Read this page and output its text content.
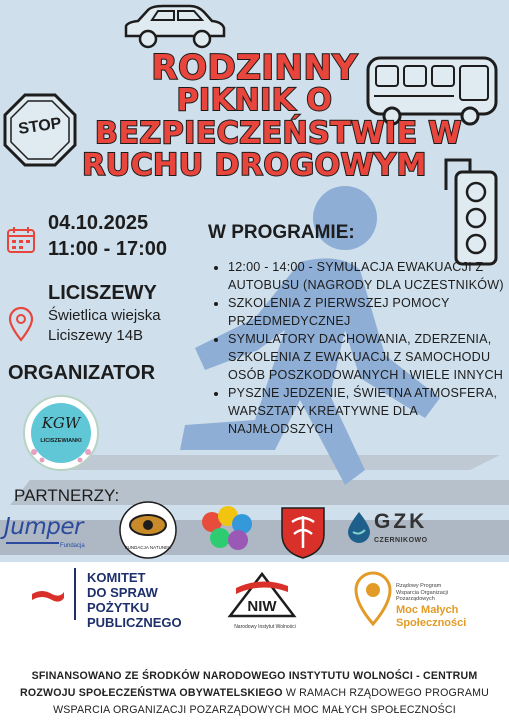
STOP
RODZINNY
PIKNIK O
BEZPIECZEŃSTWIE W
RUCHU DROGOWYM
04.10.2025
11:00 - 17:00
LICISZEWY
Świetlica wiejska
Liciszewy 14B
ORGANIZATOR
KGW
LICISZEWIANKI
W PROGRAMIE:
• 12:00 - 14:00 - SYMULACJA EWAKUACJI Z AUTOBUSU (NAGRODY DLA UCZESTNIKÓW)
• SZKOLENIA Z PIERWSZEJ POMOCY PRZEDMEDYCZNEJ
• SYMULATORY DACHOWANIA, ZDERZENIA, SZKOLENIA Z EWAKUACJI Z SAMOCHODU OSÓB POSZKODOWANYCH I WIELE INNYCH
• PYSZNE JEDZENIE, ŚWIETNA ATMOSFERA, WARSZTATY KREATYWNE DLA NAJMŁODSZYCH
PARTNERZY:
Jumper
Fundacja	FUNDACJA NATUNEK
GZK
CZERNIKOWO
KOMITET
DO SPRAW
POŻYTKU
PUBLICZNEGO
NIW
Narodowy Instytut Wolności
Rządowy Program
Wsparcia Organizacji
Pozarządowych
Moc Małych
Społeczności
SFINANSOWANO ZE ŚRODKÓW NARODOWEGO INSTYTUTU WOLNOŚCI - CENTRUM ROZWOJU SPOŁECZEŃSTWA OBYWATELSKIEGO W RAMACH RZĄDOWEGO PROGRAMU WSPARCIA ORGANIZACJI POZARZĄDOWYCH MOC MAŁYCH SPOŁECZNOŚCI
